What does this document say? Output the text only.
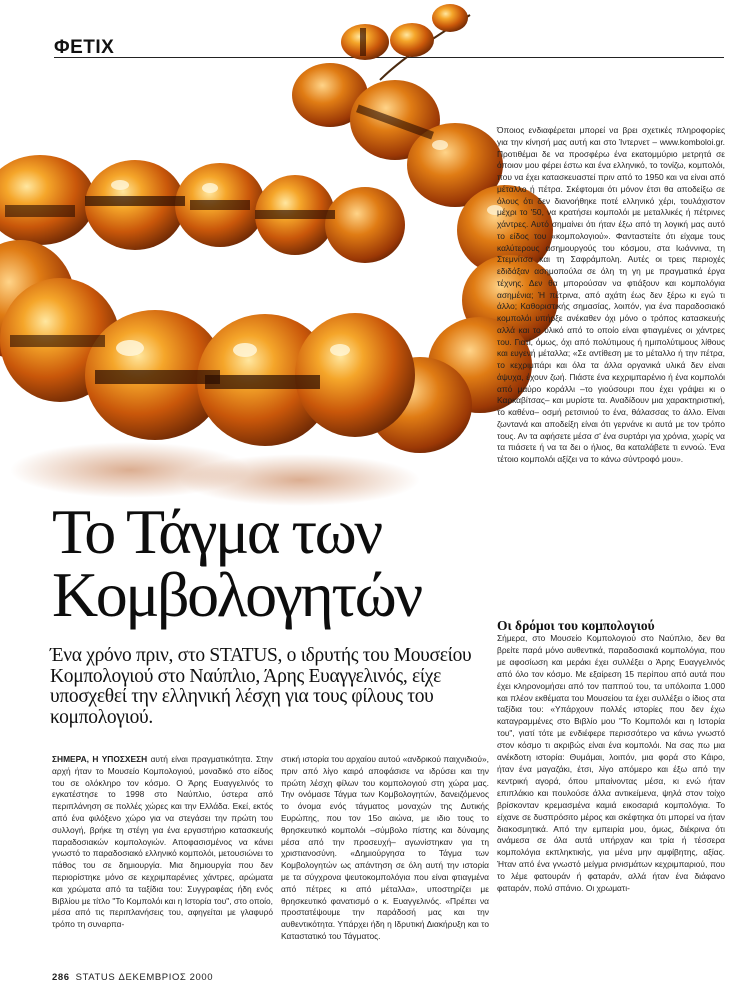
ΦΕΤΙΧ

Όποιος ενδιαφέρεται μπορεί να βρει σχετικές πληροφορίες για την κίνησή μας αυτή και στο Ίντερνετ – www.komboloi.gr. Προτιθέμαι δε να προσφέρω ένα εκατομμύριο μετρητά σε όποιον μου φέρει έστω και ένα ελληνικό, το τονίζω, κομπολόι, που να έχει κατασκευαστεί πριν από το 1950 και να είναι από μέταλλο ή πέτρα. Σκέφτομαι ότι μόνον έτσι θα αποδείξω σε όλους ότι δεν διανοήθηκε ποτέ ελληνικό χέρι, τουλάχιστον μέχρι το '50, να κρατήσει κομπολόι με μεταλλικές ή πέτρινες χάντρες. Αυτό σημαίνει ότι ήταν έξω από τη λογική μας αυτό το είδος του «κομπολογιού». Φανταστείτε ότι είχαμε τους καλύτερους ασημουργούς του κόσμου, στα Ιωάννινα, τη Στεμνίτσα και τη Σαφράμπολη. Αυτές οι τρεις περιοχές εδιδάξαν ασημοπούλα σε όλη τη γη με πραγματικά έργα τέχνης. Δεν θα μπορούσαν να φτιάξουν και κομπολόγια ασημένια; Ή πέτρινα, από αχάτη έως δεν ξέρω κι εγώ τι άλλο; Καθοριστικής σημασίας, λοιπόν, για ένα παραδοσιακό κομπολόι υπήρξε ανέκαθεν όχι μόνο ο τρόπος κατασκευής αλλά και το υλικό από το οποίο είναι φτιαγμένες οι χάντρες του. Γιατί, όμως, όχι από πολύτιμους ή ημιπολύτιμους λίθους και ευγενή μέταλλα; «Σε αντίθεση με το μέταλλο ή την πέτρα, το κεχριμπάρι και όλα τα άλλα οργανικά υλικά δεν είναι άψυχα, έχουν ζωή. Πιάστε ένα κεχριμπαρένιο ή ένα κομπολόι από μαύρο κοράλλι –το γιούσουρι που έχει γράψει κι ο Καρκαβίτσας– και μυρίστε τα. Αναδίδουν μια χαρακτηριστική, το καθένα– οσμή ρετσινιού το ένα, θάλασσας το άλλο. Είναι ζωντανά και αποδείξη είναι ότι γερνάνε κι αυτά με τον τρόπο τους. Αν τα αφήσετε μέσα σ' ένα συρτάρι για χρόνια, χωρίς να τα πιάσετε ή να τα δει ο ήλιος, θα καταλάβετε τι εννοώ. Ένα τέτοιο κομπολόι αξίζει να το κάνω σύντροφό μου».

Οι δρόμοι του κομπολογιού

Σήμερα, στο Μουσείο Κομπολογιού στο Ναύπλιο, δεν θα βρείτε παρά μόνο αυθεντικά, παραδοσιακά κομπολόγια, που με αφοσίωση και μεράκι έχει συλλέξει ο Άρης Ευαγγελινός από όλο τον κόσμο. Με εξαίρεση 15 περίπου από αυτά που έχει κληρονομήσει από τον παππού του, τα υπόλοιπα 1.000 και πλέον εκθέματα του Μουσείου τα έχει συλλέξει ο ίδιος στα ταξίδια του: «Υπάρχουν πολλές ιστορίες που δεν έχω καταγραμμένες στο Βιβλίο μου "Το Κομπολόι και η Ιστορία του", γιατί τότε με ενδιέφερε περισσότερο να κάνω γνωστό στον κόσμο τι ακριβώς είναι ένα κομπολόι. Να σας πω μια ανέκδοτη ιστορία: Θυμάμαι, λοιπόν, μια φορά στο Κάιρο, ήταν ένα μαγαζάκι, έτσι, λίγο απόμερο και έξω από την κεντρική αγορά, όπου μπαίνοντας μέσα, κι ενώ ήταν επιπλάκιο και πουλούσε άλλα αντικείμενα, ψηλά στον τοίχο βρίσκονταν κρεμασμένα καμιά εικοσαριά κομπολόγια. Το είχανε σε δυσπρόσιτο μέρος και σκέφτηκα ότι μπορεί να ήταν διακοσμητικά. Από την εμπειρία μου, όμως, διέκρινα ότι ανάμεσα σε όλα αυτά υπήρχαν και τρία ή τέσσερα κομπολόγια εκπληκτικής, για μένα μην αμφίβητης, αξίας. Ήταν από ένα γνωστό μείγμα ρινισμάτων κεχριμπαριού, που το λέμε φατουράν ή φαταράν, αλλά ήταν ένα διάφανο φαταράν, πολύ σπάνιο. Οι χρωματι-

Το Τάγμα των
Κομβολογητών

Ένα χρόνο πριν, στο STATUS, ο ιδρυτής του Μουσείου Κομπολογιού στο Ναύπλιο, Άρης Ευαγγελινός, είχε υποσχεθεί την ελληνική λέσχη για τους φίλους του κομπολογιού.

ΣΗΜΕΡΑ, Η ΥΠΟΣΧΕΣΗ αυτή είναι πραγματικότητα. Στην αρχή ήταν το Μουσείο Κομπολογιού, μοναδικό στο είδος του σε ολόκληρο τον κόσμο. Ο Άρης Ευαγγελινός το εγκατέστησε το 1998 στο Ναύπλιο, ύστερα από περιπλάνηση σε πολλές χώρες και την Ελλάδα. Εκεί, εκτός από ένα φιλόξενο χώρο για να στεγάσει την πρώτη του συλλογή, βρήκε τη στέγη για ένα εργαστήριο κατασκευής παραδοσιακών κομπολογιών. Αποφασισμένος να κάνει γνωστό το παραδοσιακό ελληνικό κομπολόι, μετουσιώνει το πάθος του σε δημιουργία. Μια δημιουργία που δεν περιορίστηκε μόνο σε κεχριμπαρένιες χάντρες, αρώματα και χρώματα από τα ταξίδια του: Συγγραφέας ήδη ενός Βιβλίου με τίτλο "Το Κομπολόι και η Ιστορία του", στο οποίο, μέσα από τις περιπλανήσεις του, αφηγείται με γλαφυρό τρόπο τη συναρπα-

στική ιστορία του αρχαίου αυτού «ανδρικού παιχνιδιού», πριν από λίγο καιρό αποφάσισε να ιδρύσει και την πρώτη λέσχη φίλων του κομπολογιού στη χώρα μας. Την ονόμασε Τάγμα των Κομβολογητών, δανειζόμενος το όνομα ενός τάγματος μοναχών της Δυτικής Ευρώπης, που τον 15ο αιώνα, με ιδιο τους το θρησκευτικό κομπολόι –σύμβολο πίστης και δύναμης μέσα από την προσευχή– αγωνίστηκαν για τη χριστιανοσύνη. «Δημιούργησα το Τάγμα των Κομβολογητών ως απάντηση σε όλη αυτή την ιστορία με τα σύγχρονα ψευτοκομπολόγια που είναι φτιαγμένα από πέτρες κι από μέταλλα», υποστηρίζει με θρησκευτικό φανατισμό ο κ. Ευαγγελινός. «Πρέπει να προστατέψουμε την παράδοσή μας και την αυθεντικότητα. Υπάρχει ήδη η Ιδρυτική Διακήρυξη και το Καταστατικό του Τάγματος.

286 STATUS ΔΕΚΕΜΒΡΙΟΣ 2000
